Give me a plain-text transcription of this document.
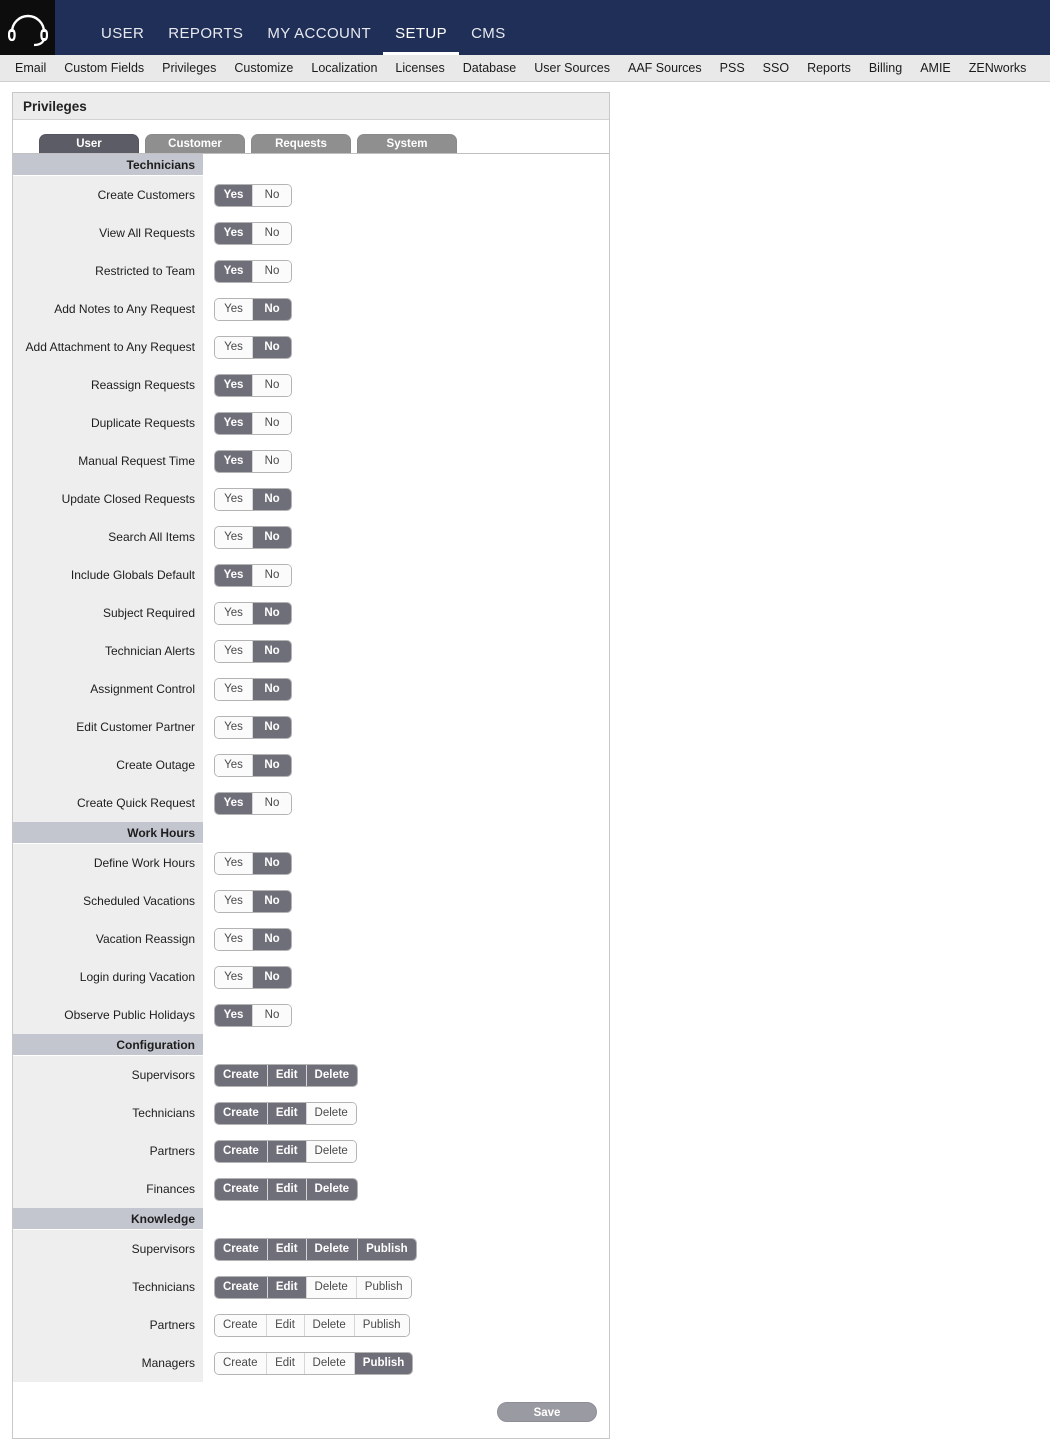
USER	REPORTS	MY ACCOUNT	SETUP	CMS
Email	Custom Fields	Privileges	Customize	Localization	Licenses	Database	User Sources	AAF Sources	PSS	SSO	Reports	Billing	AMIE	ZENworks
Privileges
User	Customer	Requests	System
Technicians
Create Customers	Yes	No
View All Requests	Yes	No
Restricted to Team	Yes	No
Add Notes to Any Request	Yes	No
Add Attachment to Any Request	Yes	No
Reassign Requests	Yes	No
Duplicate Requests	Yes	No
Manual Request Time	Yes	No
Update Closed Requests	Yes	No
Search All Items	Yes	No
Include Globals Default	Yes	No
Subject Required	Yes	No
Technician Alerts	Yes	No
Assignment Control	Yes	No
Edit Customer Partner	Yes	No
Create Outage	Yes	No
Create Quick Request	Yes	No
Work Hours
Define Work Hours	Yes	No
Scheduled Vacations	Yes	No
Vacation Reassign	Yes	No
Login during Vacation	Yes	No
Observe Public Holidays	Yes	No
Configuration
Supervisors	Create	Edit	Delete
Technicians	Create	Edit	Delete
Partners	Create	Edit	Delete
Finances	Create	Edit	Delete
Knowledge
Supervisors	Create	Edit	Delete	Publish
Technicians	Create	Edit	Delete	Publish
Partners	Create	Edit	Delete	Publish
Managers	Create	Edit	Delete	Publish
Save
